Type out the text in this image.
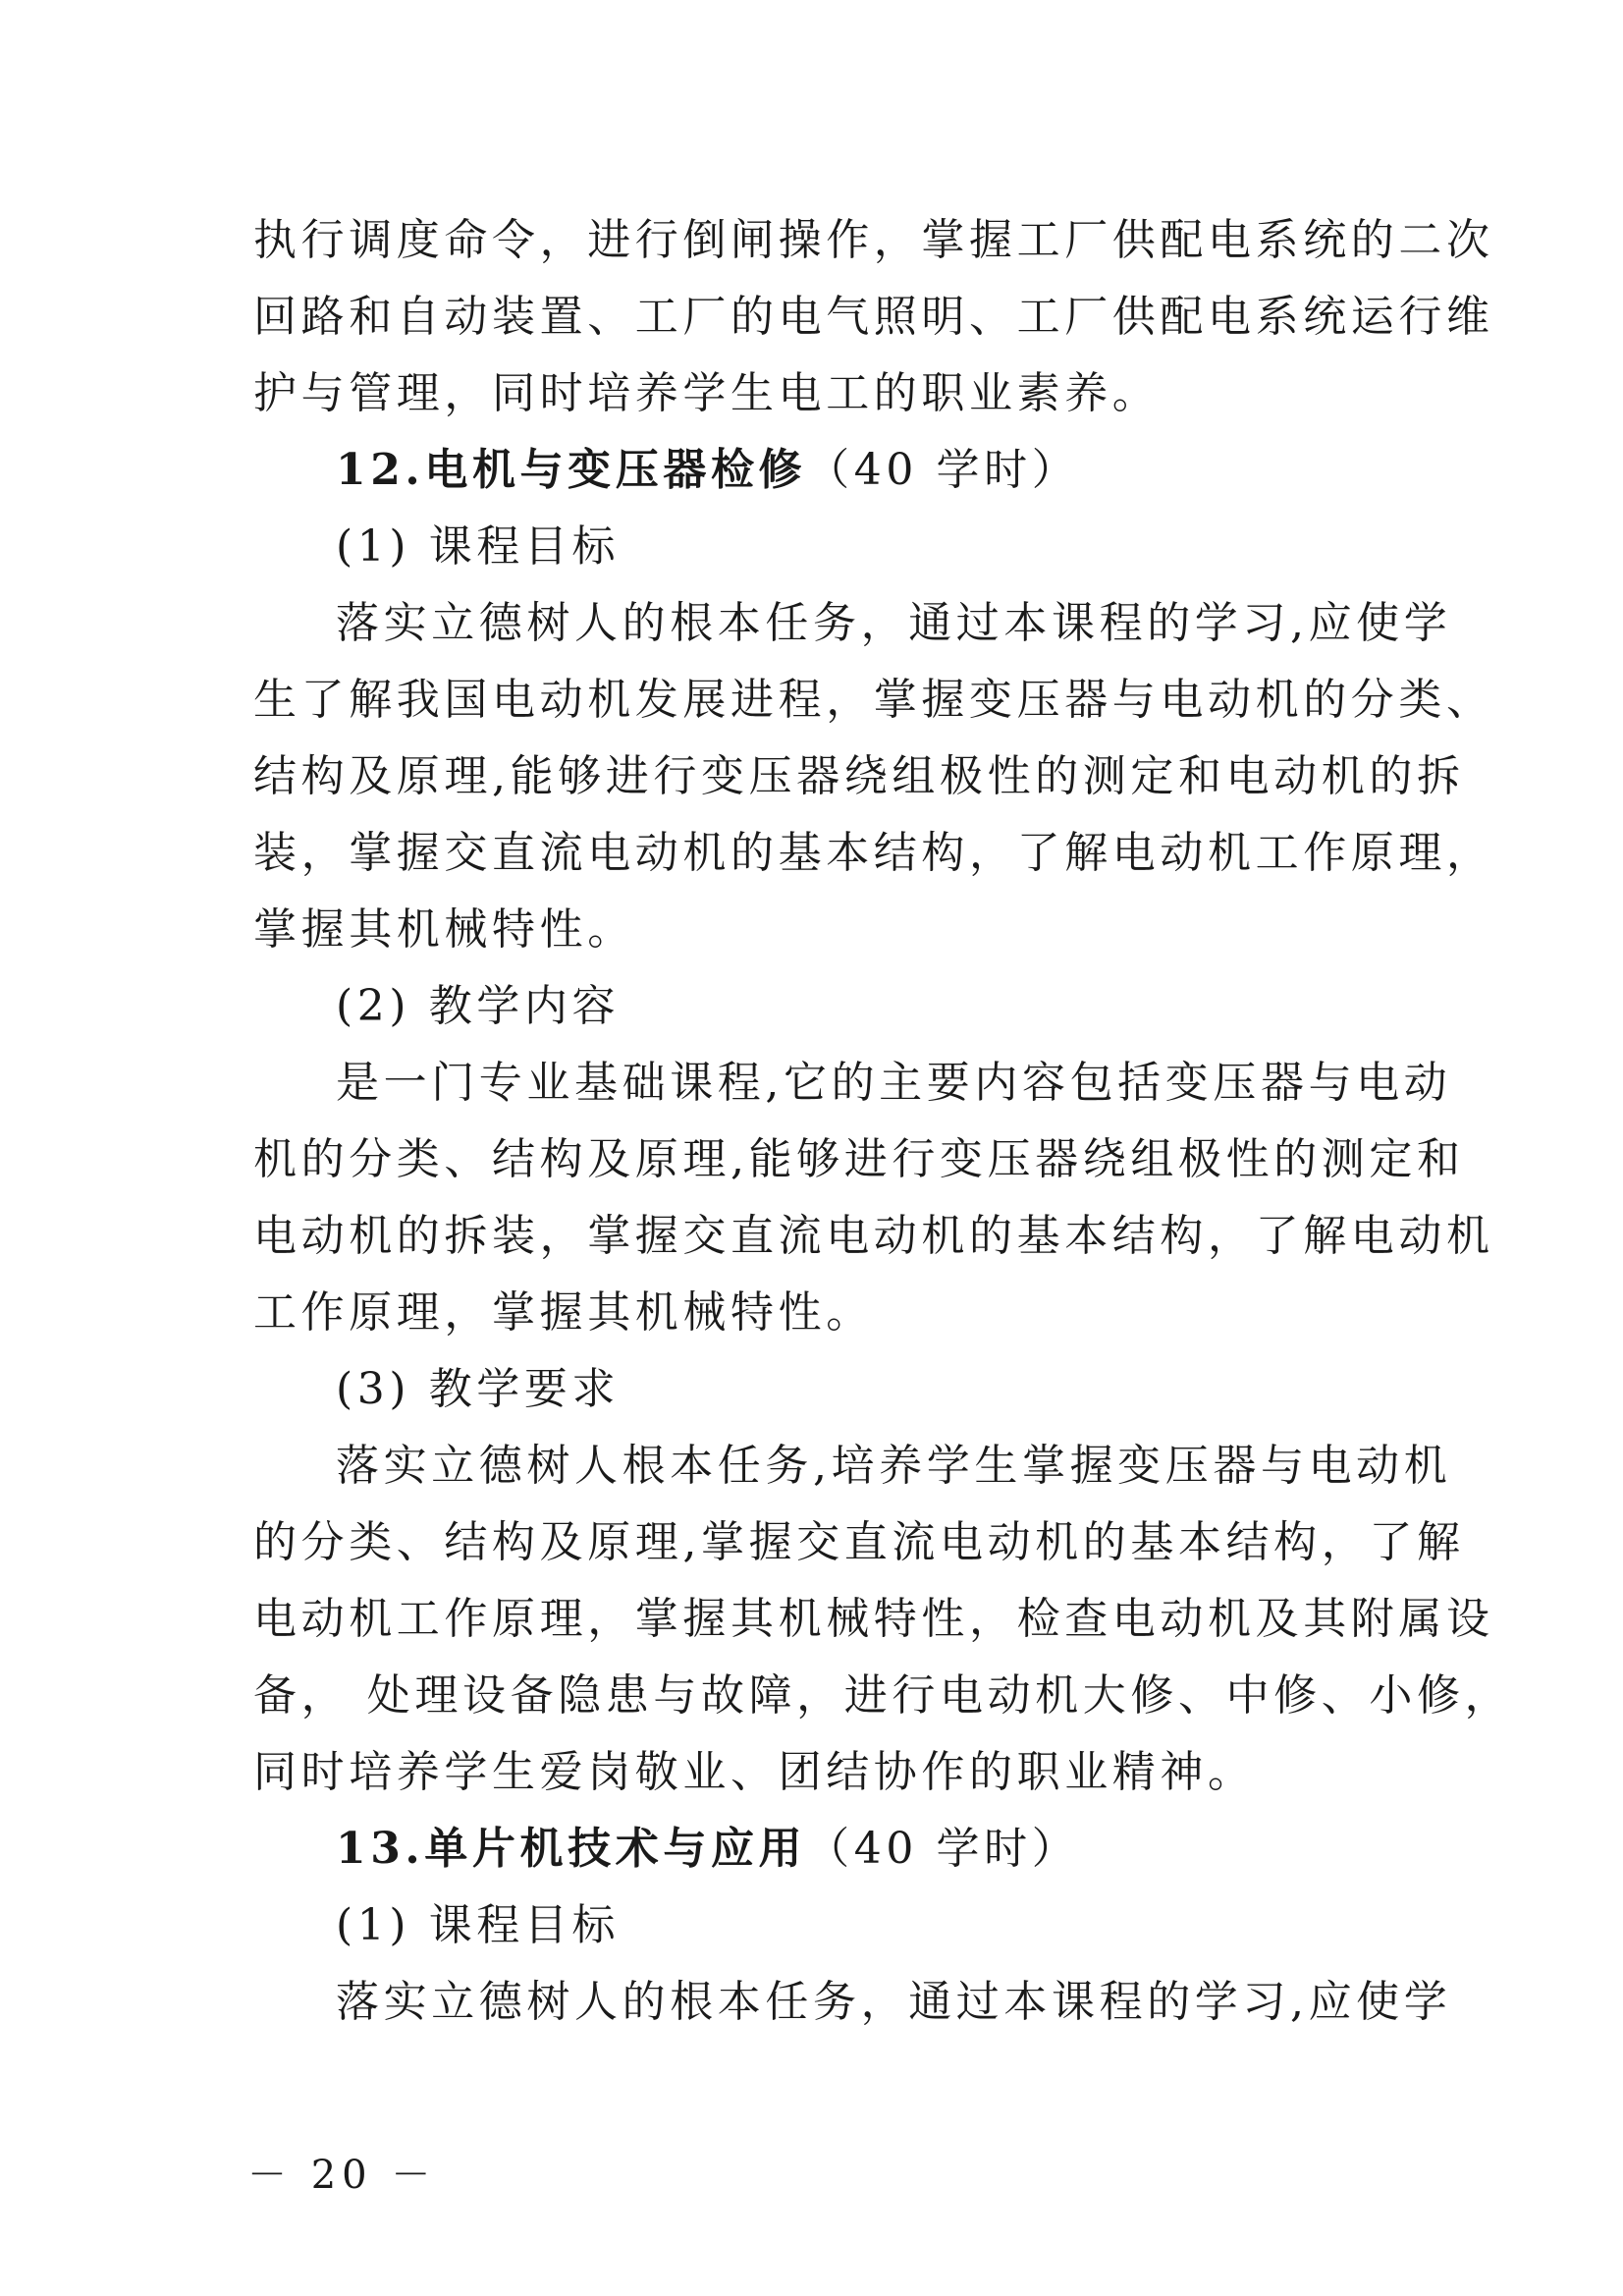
执行调度命令，进行倒闸操作，掌握工厂供配电系统的二次
回路和自动装置、工厂的电气照明、工厂供配电系统运行维
护与管理，同时培养学生电工的职业素养。
12.电机与变压器检修（40 学时）
(1) 课程目标
落实立德树人的根本任务，通过本课程的学习,应使学
生了解我国电动机发展进程，掌握变压器与电动机的分类、
结构及原理,能够进行变压器绕组极性的测定和电动机的拆
装，掌握交直流电动机的基本结构，了解电动机工作原理，
掌握其机械特性。
(2) 教学内容
是一门专业基础课程,它的主要内容包括变压器与电动
机的分类、结构及原理,能够进行变压器绕组极性的测定和
电动机的拆装，掌握交直流电动机的基本结构，了解电动机
工作原理，掌握其机械特性。
(3) 教学要求
落实立德树人根本任务,培养学生掌握变压器与电动机
的分类、结构及原理,掌握交直流电动机的基本结构，了解
电动机工作原理，掌握其机械特性，检查电动机及其附属设
备， 处理设备隐患与故障，进行电动机大修、中修、小修，
同时培养学生爱岗敬业、团结协作的职业精神。
13.单片机技术与应用（40 学时）
(1) 课程目标
落实立德树人的根本任务，通过本课程的学习,应使学
－ 20 －
